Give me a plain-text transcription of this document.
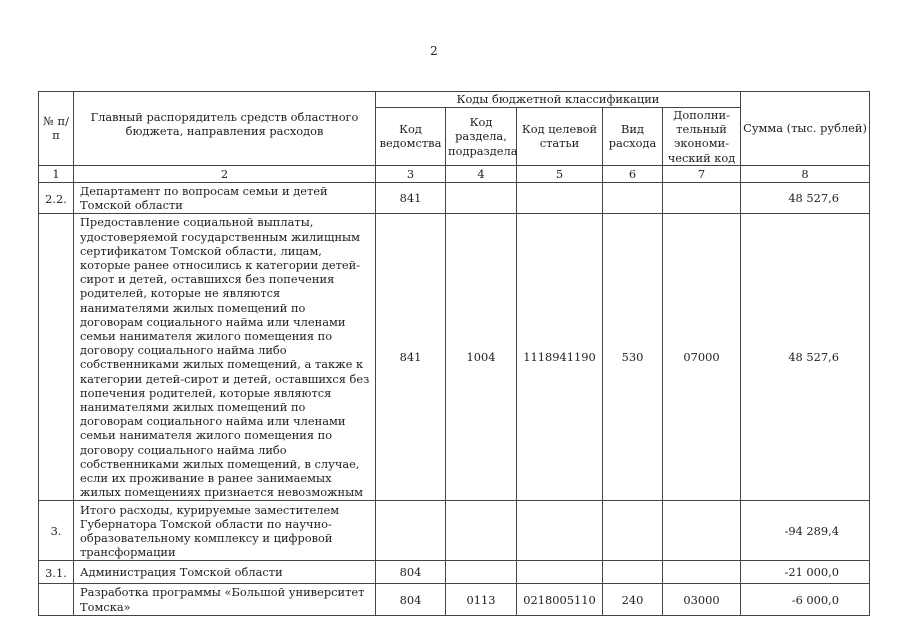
2
№ п/п	Главный распорядитель средств областного бюджета, направления расходов	Коды бюджетной классификации					Сумма (тыс. рублей)
		Код ведомства	Код раздела, подраздела	Код целевой статьи	Вид расхода	Дополни-тельный экономи-ческий код	
1	2	3	4	5	6	7	8
2.2.	Департамент по вопросам семьи и детей Томской области	841					48 527,6
	Предоставление социальной выплаты, удостоверяемой государственным жилищным сертификатом Томской области, лицам, которые ранее относились к категории детей-сирот и детей, оставшихся без попечения родителей, которые не являются нанимателями жилых помещений по договорам социального найма или членами семьи нанимателя жилого помещения по договору социального найма либо собственниками жилых помещений, а также к категории детей-сирот и детей, оставшихся без попечения родителей, которые являются нанимателями жилых помещений по договорам социального найма или членами семьи нанимателя жилого помещения по договору социального найма либо собственниками жилых помещений, в случае, если их проживание в ранее занимаемых жилых помещениях признается невозможным	841	1004	1118941190	530	07000	48 527,6
3.	Итого расходы, курируемые заместителем Губернатора Томской области по научно-образовательному комплексу и цифровой трансформации						-94 289,4
3.1.	Администрация Томской области	804					-21 000,0
	Разработка программы «Большой университет Томска»	804	0113	0218005110	240	03000	-6 000,0
